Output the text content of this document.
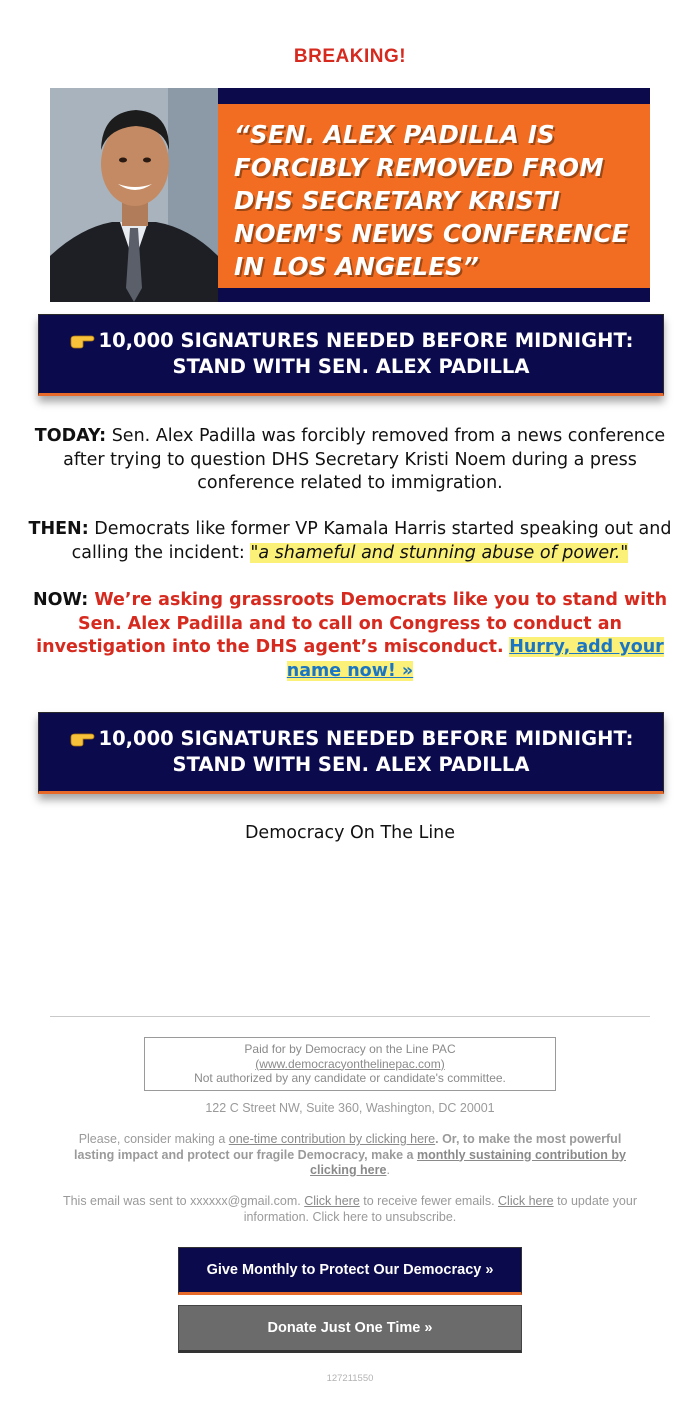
BREAKING!
“SEN. ALEX PADILLA IS FORCIBLY REMOVED FROM DHS SECRETARY KRISTI NOEM'S NEWS CONFERENCE IN LOS ANGELES”
10,000 SIGNATURES NEEDED BEFORE MIDNIGHT:
STAND WITH SEN. ALEX PADILLA
TODAY: Sen. Alex Padilla was forcibly removed from a news conference after trying to question DHS Secretary Kristi Noem during a press conference related to immigration.
THEN: Democrats like former VP Kamala Harris started speaking out and calling the incident: "a shameful and stunning abuse of power."
NOW: We’re asking grassroots Democrats like you to stand with Sen. Alex Padilla and to call on Congress to conduct an investigation into the DHS agent’s misconduct. Hurry, add your name now! »
10,000 SIGNATURES NEEDED BEFORE MIDNIGHT:
STAND WITH SEN. ALEX PADILLA
Democracy On The Line
Paid for by Democracy on the Line PAC
(www.democracyonthelinepac.com)
Not authorized by any candidate or candidate's committee.
122 C Street NW, Suite 360, Washington, DC 20001
Please, consider making a one-time contribution by clicking here. Or, to make the most powerful lasting impact and protect our fragile Democracy, make a monthly sustaining contribution by clicking here.
This email was sent to xxxxxx@gmail.com. Click here to receive fewer emails. Click here to update your information. Click here to unsubscribe.
Give Monthly to Protect Our Democracy »
Donate Just One Time »
127211550
